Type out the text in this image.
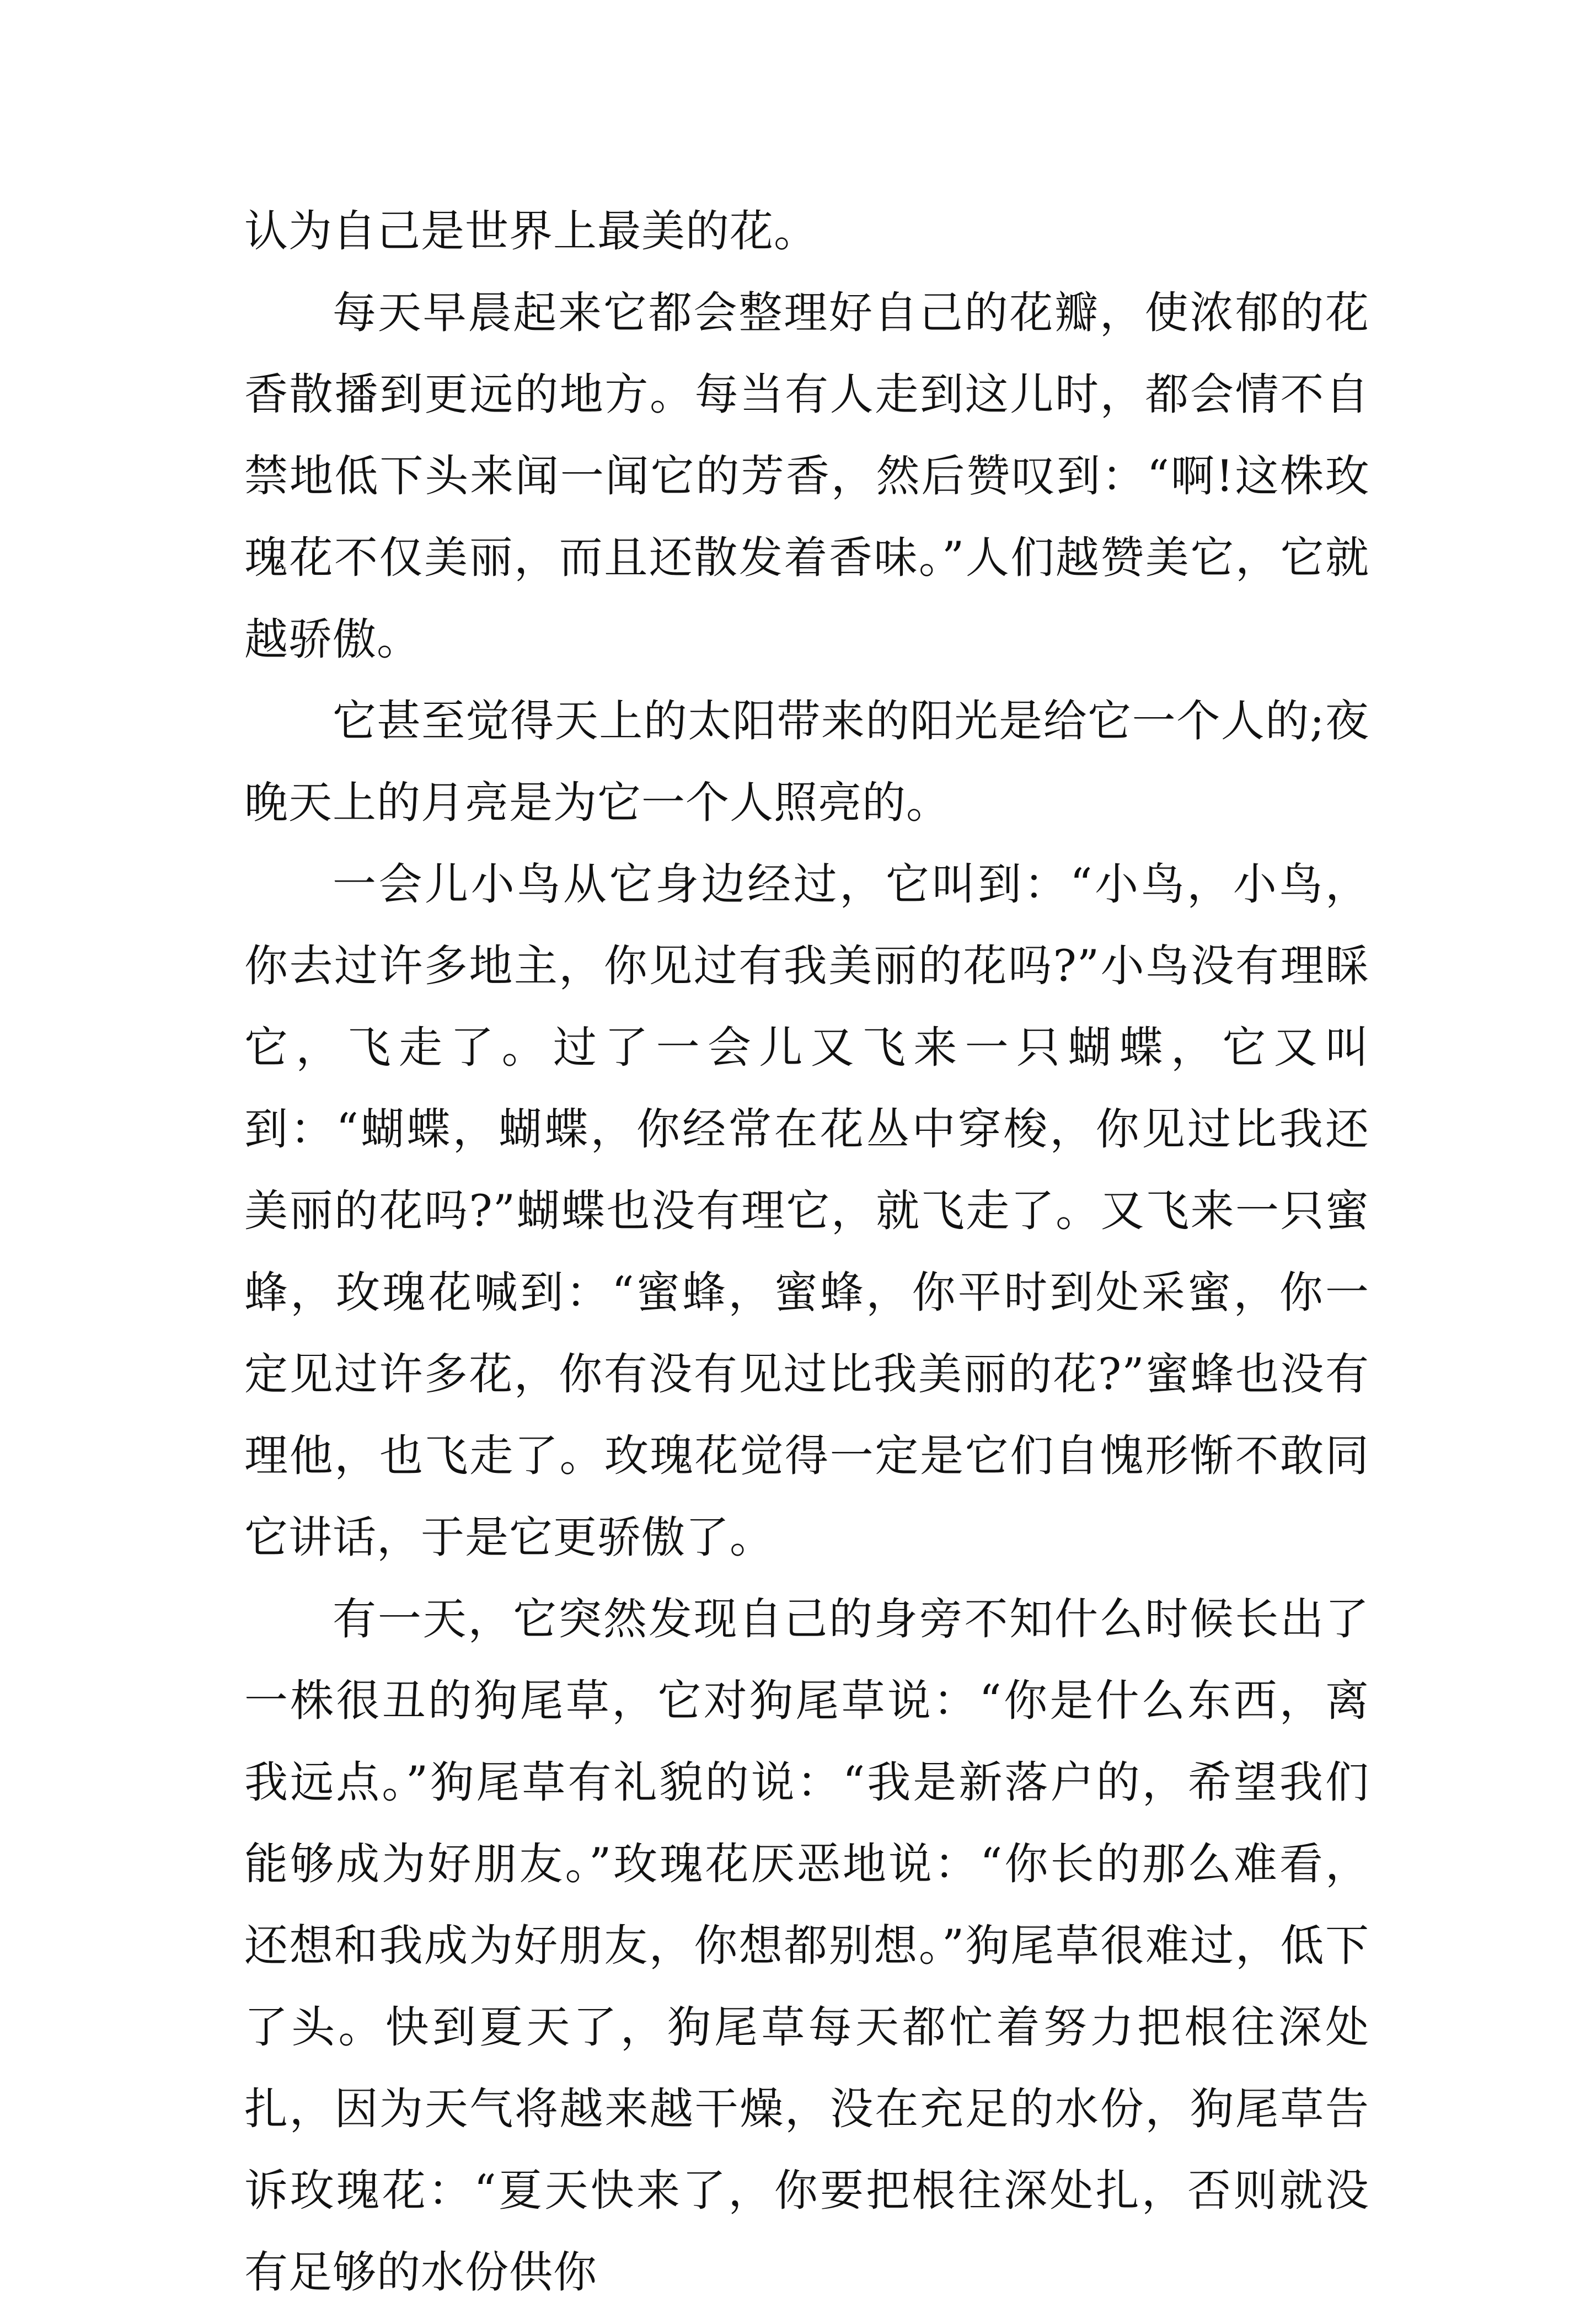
认为自己是世界上最美的花。

每天早晨起来它都会整理好自己的花瓣，使浓郁的花香散播到更远的地方。每当有人走到这儿时，都会情不自禁地低下头来闻一闻它的芳香，然后赞叹到：“啊!这株玫瑰花不仅美丽，而且还散发着香味。”人们越赞美它，它就越骄傲。

它甚至觉得天上的太阳带来的阳光是给它一个人的;夜晚天上的月亮是为它一个人照亮的。

一会儿小鸟从它身边经过，它叫到：“小鸟，小鸟，你去过许多地主，你见过有我美丽的花吗?”小鸟没有理睬它，飞走了。过了一会儿又飞来一只蝴蝶，它又叫到：“蝴蝶，蝴蝶，你经常在花丛中穿梭，你见过比我还美丽的花吗?”蝴蝶也没有理它，就飞走了。又飞来一只蜜蜂，玫瑰花喊到：“蜜蜂，蜜蜂，你平时到处采蜜，你一定见过许多花，你有没有见过比我美丽的花?”蜜蜂也没有理他，也飞走了。玫瑰花觉得一定是它们自愧形惭不敢同它讲话，于是它更骄傲了。

有一天，它突然发现自己的身旁不知什么时候长出了一株很丑的狗尾草，它对狗尾草说：“你是什么东西，离我远点。”狗尾草有礼貌的说：“我是新落户的，希望我们能够成为好朋友。”玫瑰花厌恶地说：“你长的那么难看，还想和我成为好朋友，你想都别想。”狗尾草很难过，低下了头。快到夏天了，狗尾草每天都忙着努力把根往深处扎，因为天气将越来越干燥，没在充足的水份，狗尾草告诉玫瑰花：“夏天快来了，你要把根往深处扎，否则就没有足够的水份供你
